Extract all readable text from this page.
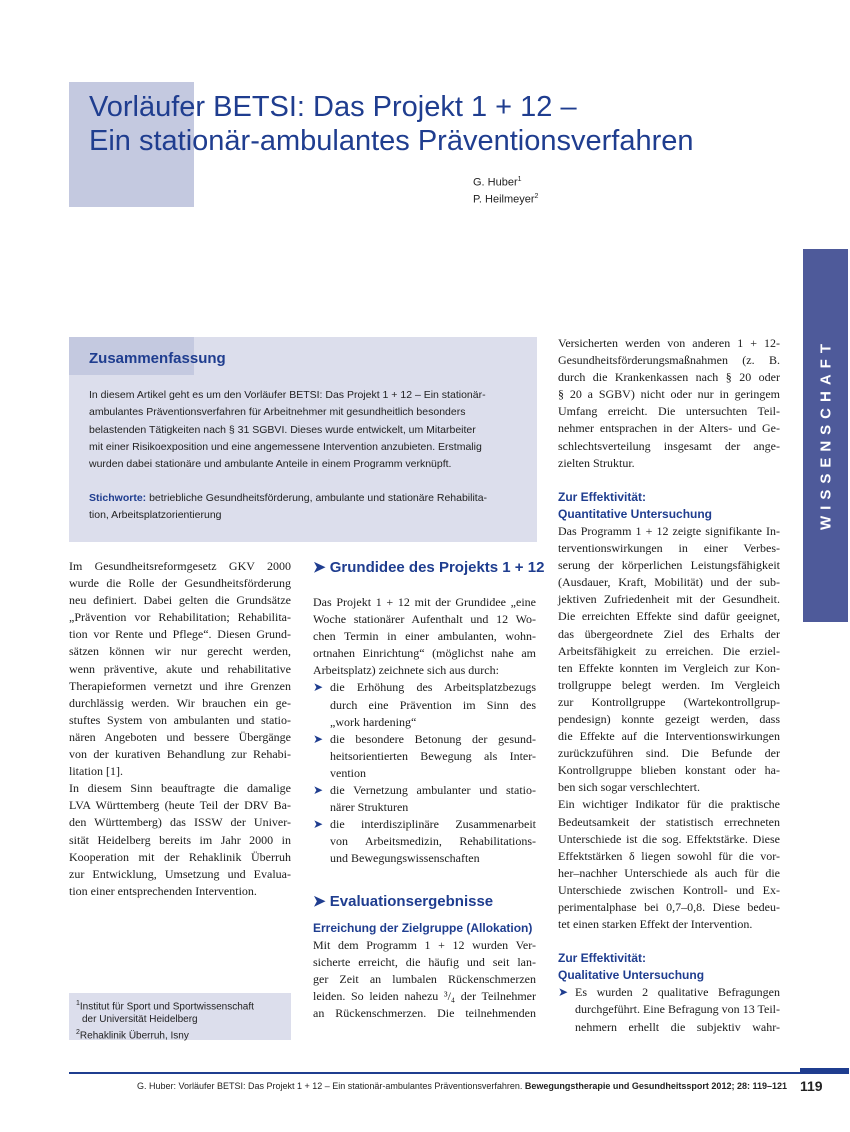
Vorläufer BETSI: Das Projekt 1 + 12 –
Ein stationär-ambulantes Präventionsverfahren
G. Huber$^1$
P. Heilmeyer$^2$
WISSENSCHAFT
Zusammenfassung
In diesem Artikel geht es um den Vorläufer BETSI: Das Projekt 1 + 12 – Ein stationär-
ambulantes Präventionsverfahren für Arbeitnehmer mit gesundheitlich besonders
belastenden Tätigkeiten nach § 31 SGBVI. Dieses wurde entwickelt, um Mitarbeiter
mit einer Risikoexposition und eine angemessene Intervention anzubieten. Erstmalig
wurden dabei stationäre und ambulante Anteile in einem Programm verknüpft.
Stichworte: betriebliche Gesundheitsförderung, ambulante und stationäre Rehabilita-
tion, Arbeitsplatzorientierung
Im Gesundheitsreformgesetz GKV 2000
wurde die Rolle der Gesundheitsförderung
neu definiert. Dabei gelten die Grundsätze
„Prävention vor Rehabilitation; Rehabilita-
tion vor Rente und Pflege“. Diesen Grund-
sätzen können wir nur gerecht werden,
wenn präventive, akute und rehabilitative
Therapieformen vernetzt und ihre Grenzen
durchlässig werden. Wir brauchen ein ge-
stuftes System von ambulanten und statio-
nären Angeboten und bessere Übergänge
von der kurativen Behandlung zur Rehabi-
litation [1].
In diesem Sinn beauftragte die damalige
LVA Württemberg (heute Teil der DRV Ba-
den Württemberg) das ISSW der Univer-
sität Heidelberg bereits im Jahr 2000 in
Kooperation mit der Rehaklinik Überruh
zur Entwicklung, Umsetzung und Evalua-
tion einer entsprechenden Intervention.
➤ Grundidee des Projekts 1 + 12
Das Projekt 1 + 12 mit der Grundidee „eine
Woche stationärer Aufenthalt und 12 Wo-
chen Termin in einer ambulanten, wohn-
ortnahen Einrichtung“ (möglichst nahe am
Arbeitsplatz) zeichnete sich aus durch:
➤ die Erhöhung des Arbeitsplatzbezugs
durch eine Prävention im Sinn des
„work hardening“
➤ die besondere Betonung der gesund-
heitsorientierten Bewegung als Inter-
vention
➤ die Vernetzung ambulanter und statio-
närer Strukturen
➤ die interdisziplinäre Zusammenarbeit
von Arbeitsmedizin, Rehabilitations-
und Bewegungswissenschaften
➤ Evaluationsergebnisse
Erreichung der Zielgruppe (Allokation)
Mit dem Programm 1 + 12 wurden Ver-
sicherte erreicht, die häufig und seit lan-
ger Zeit an lumbalen Rückenschmerzen
leiden. So leiden nahezu ³/₄ der Teilnehmer
an Rückenschmerzen. Die teilnehmenden
Versicherten werden von anderen 1 + 12-
Gesundheitsförderungsmaßnahmen (z. B.
durch die Krankenkassen nach § 20 oder
§ 20 a SGBV) nicht oder nur in geringem
Umfang erreicht. Die untersuchten Teil-
nehmer entsprachen in der Alters- und Ge-
schlechtsverteilung insgesamt der ange-
zielten Struktur.
Zur Effektivität:
Quantitative Untersuchung
Das Programm 1 + 12 zeigte signifikante In-
terventionswirkungen in einer Verbes-
serung der körperlichen Leistungsfähigkeit
(Ausdauer, Kraft, Mobilität) und der sub-
jektiven Zufriedenheit mit der Gesundheit.
Die erreichten Effekte sind dafür geeignet,
das übergeordnete Ziel des Erhalts der
Arbeitsfähigkeit zu erreichen. Die erziel-
ten Effekte konnten im Vergleich zur Kon-
trollgruppe belegt werden. Im Vergleich
zur Kontrollgruppe (Wartekontrollgrup-
pendesign) konnte gezeigt werden, dass
die Effekte auf die Interventionswirkungen
zurückzuführen sind. Die Befunde der
Kontrollgruppe blieben konstant oder ha-
ben sich sogar verschlechtert.
Ein wichtiger Indikator für die praktische
Bedeutsamkeit der statistisch errechneten
Unterschiede ist die sog. Effektstärke. Diese
Effektstärken δ liegen sowohl für die vor-
her–nachher Unterschiede als auch für die
Unterschiede zwischen Kontroll- und Ex-
perimentalphase bei 0,7–0,8. Diese bedeu-
tet einen starken Effekt der Intervention.
Zur Effektivität:
Qualitative Untersuchung
➤ Es wurden 2 qualitative Befragungen
durchgeführt. Eine Befragung von 13 Teil-
nehmern erhellt die subjektiv wahr-
$^1$Institut für Sport und Sportwissenschaft
der Universität Heidelberg
$^2$Rehaklinik Überruh, Isny
G. Huber: Vorläufer BETSI: Das Projekt 1 + 12 – Ein stationär-ambulantes Präventionsverfahren. Bewegungstherapie und Gesundheitssport 2012; 28: 119–121 119
